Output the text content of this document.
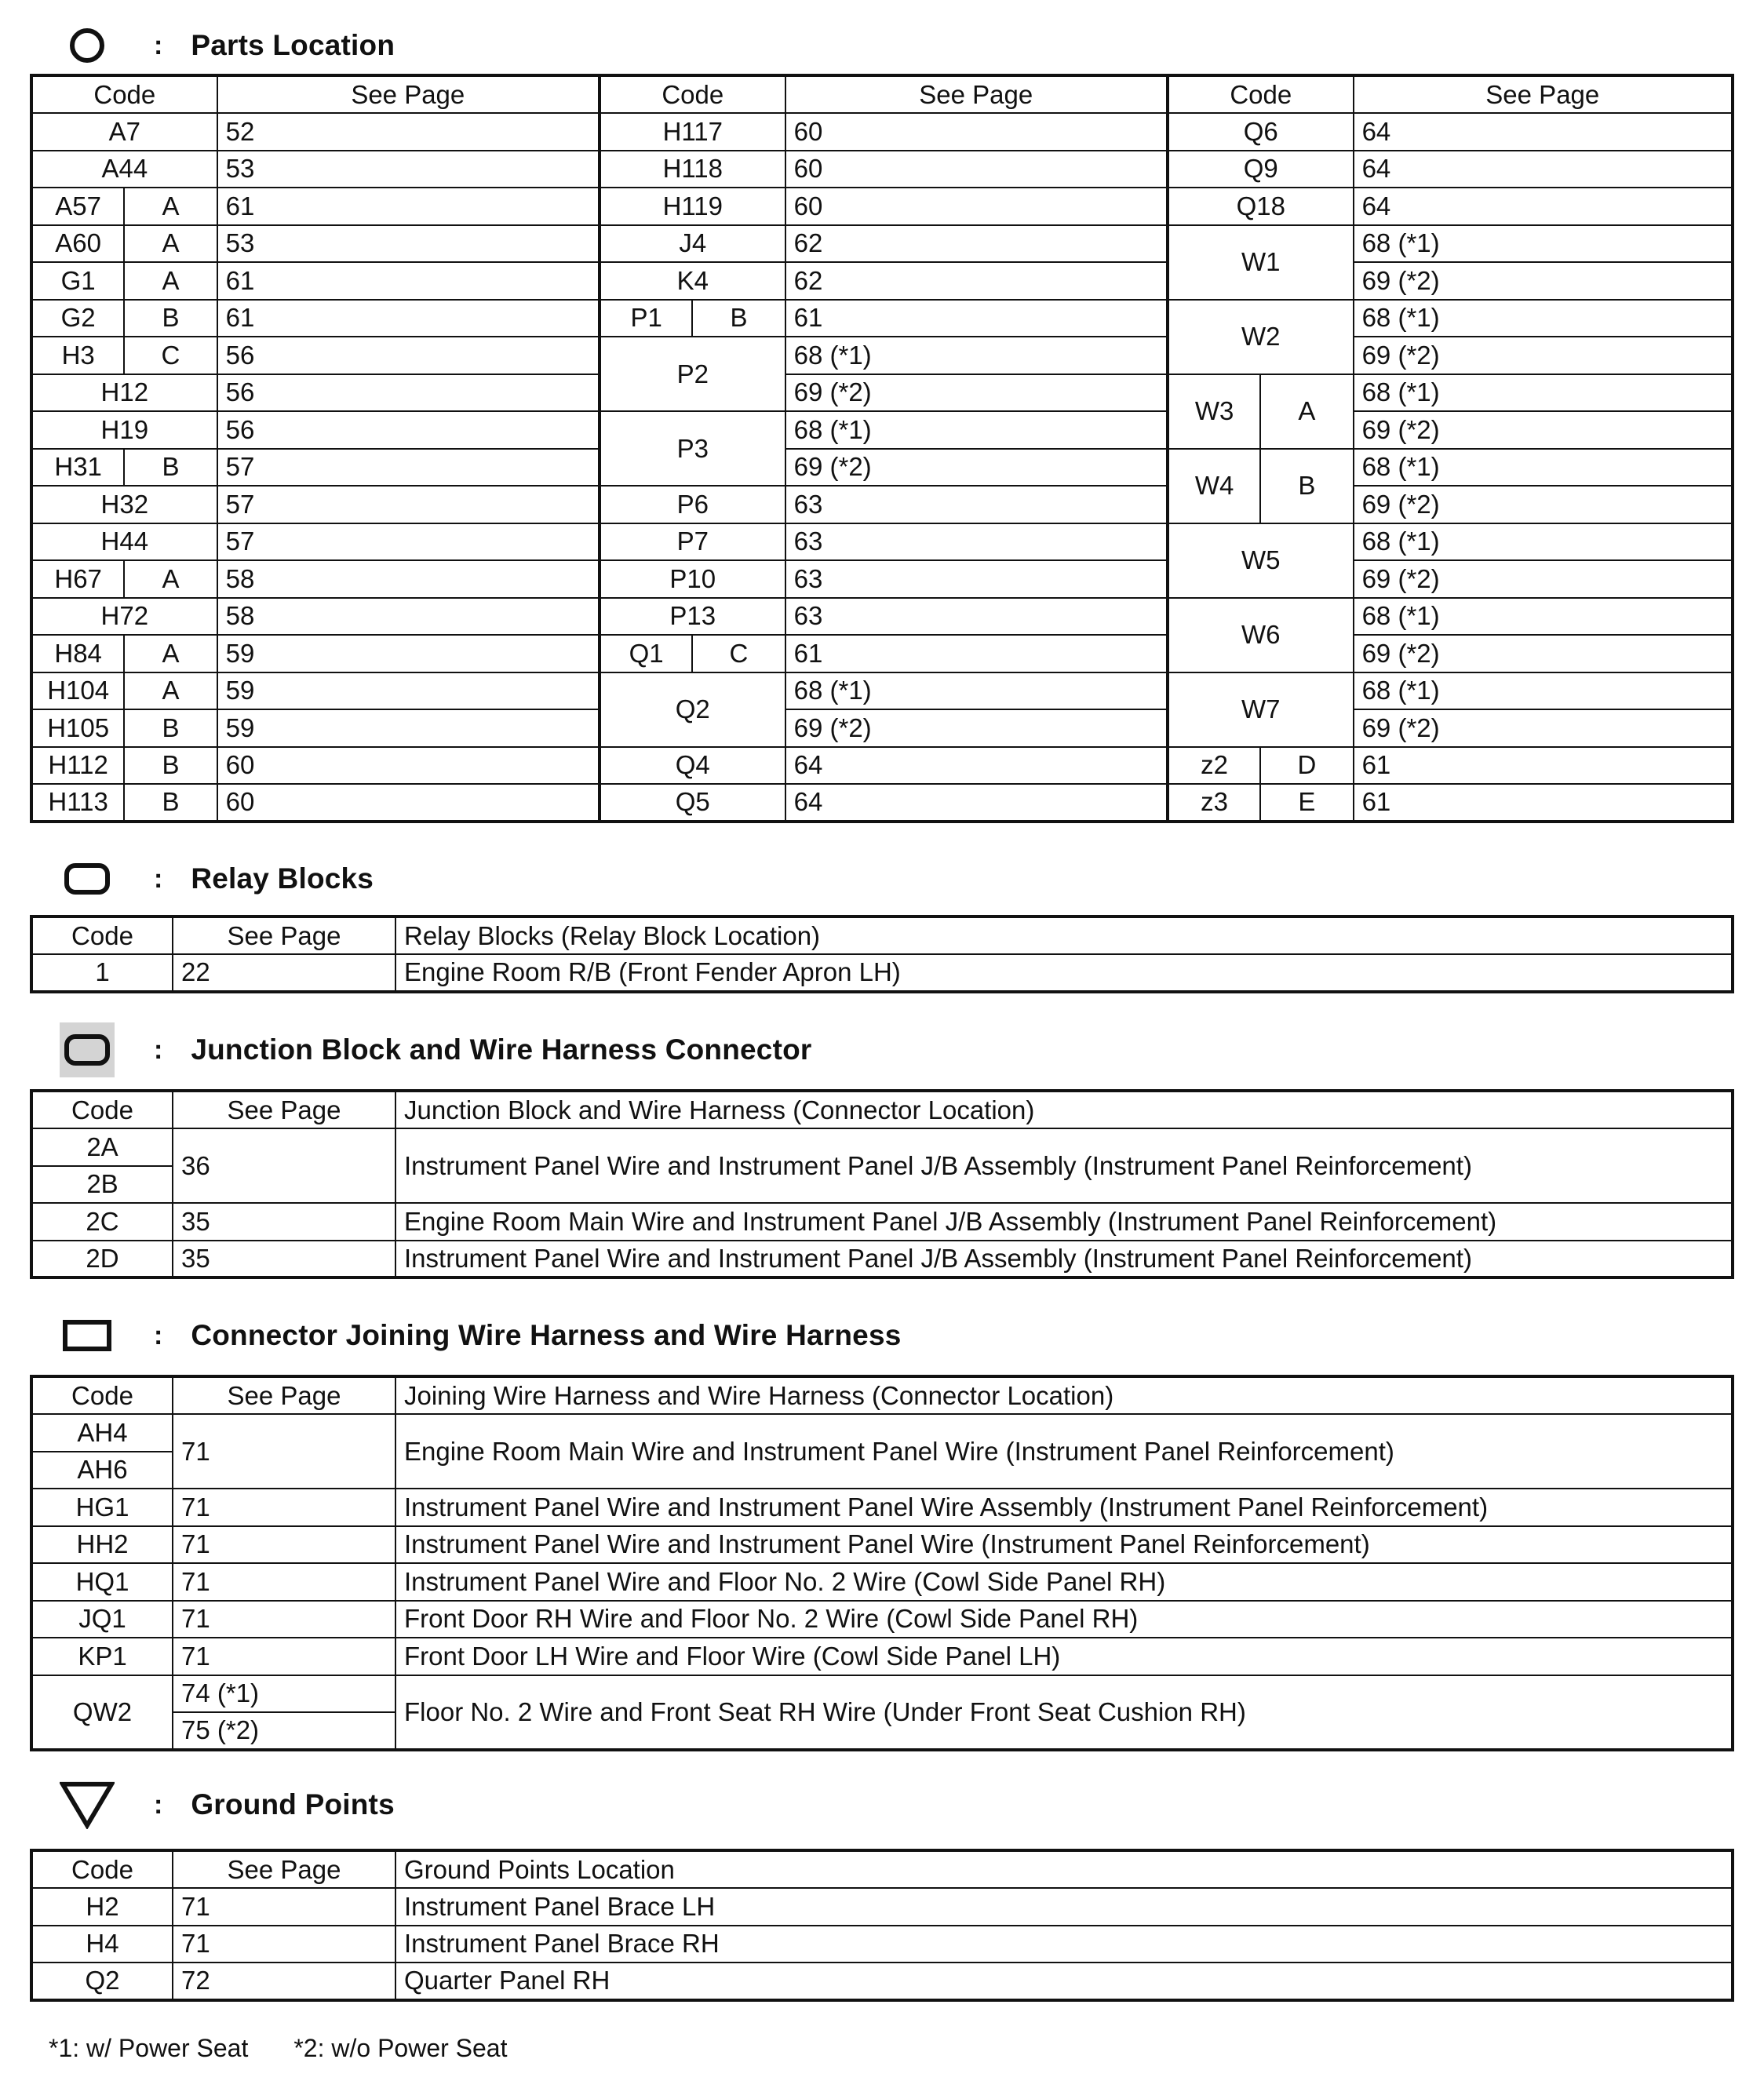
: Parts Location
Code		See Page	Code		See Page	Code		See Page
A7		52	H117		60	Q6		64
A44		53	H118		60	Q9		64
A57	A	61	H119		60	Q18		64
A60	A	53	J4		62	W1		68 (*1)
G1	A	61	K4		62			69 (*2)
G2	B	61	P1	B	61	W2		68 (*1)
H3	C	56	P2		68 (*1)			69 (*2)
H12		56			69 (*2)	W3	A	68 (*1)
H19		56	P3		68 (*1)			69 (*2)
H31	B	57			69 (*2)	W4	B	68 (*1)
H32		57	P6		63			69 (*2)
H44		57	P7		63	W5		68 (*1)
H67	A	58	P10		63			69 (*2)
H72		58	P13		63	W6		68 (*1)
H84	A	59	Q1	C	61			69 (*2)
H104	A	59	Q2		68 (*1)	W7		68 (*1)
H105	B	59			69 (*2)			69 (*2)
H112	B	60	Q4		64	z2	D	61
H113	B	60	Q5		64	z3	E	61
: Relay Blocks
Code	See Page	Relay Blocks (Relay Block Location)
1	22	Engine Room R/B (Front Fender Apron LH)
: Junction Block and Wire Harness Connector
Code	See Page	Junction Block and Wire Harness (Connector Location)
2A	36	Instrument Panel Wire and Instrument Panel J/B Assembly (Instrument Panel Reinforcement)
2B		
2C	35	Engine Room Main Wire and Instrument Panel J/B Assembly (Instrument Panel Reinforcement)
2D	35	Instrument Panel Wire and Instrument Panel J/B Assembly (Instrument Panel Reinforcement)
: Connector Joining Wire Harness and Wire Harness
Code	See Page	Joining Wire Harness and Wire Harness (Connector Location)
AH4	71	Engine Room Main Wire and Instrument Panel Wire (Instrument Panel Reinforcement)
AH6		
HG1	71	Instrument Panel Wire and Instrument Panel Wire Assembly (Instrument Panel Reinforcement)
HH2	71	Instrument Panel Wire and Instrument Panel Wire (Instrument Panel Reinforcement)
HQ1	71	Instrument Panel Wire and Floor No. 2 Wire (Cowl Side Panel RH)
JQ1	71	Front Door RH Wire and Floor No. 2 Wire (Cowl Side Panel RH)
KP1	71	Front Door LH Wire and Floor Wire (Cowl Side Panel LH)
QW2	74 (*1)	Floor No. 2 Wire and Front Seat RH Wire (Under Front Seat Cushion RH)
	75 (*2)	
: Ground Points
Code	See Page	Ground Points Location
H2	71	Instrument Panel Brace LH
H4	71	Instrument Panel Brace RH
Q2	72	Quarter Panel RH
*1: w/ Power Seat *2: w/o Power Seat
